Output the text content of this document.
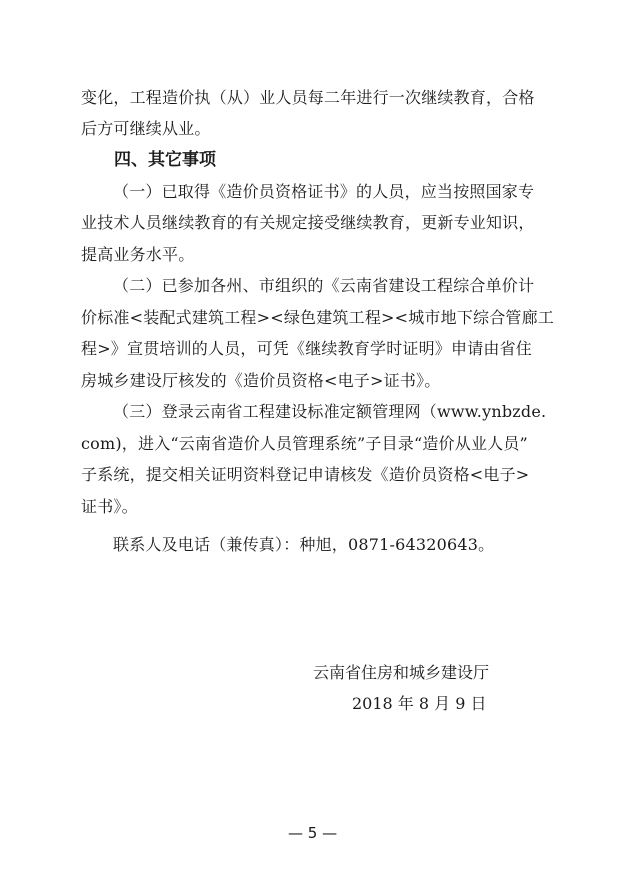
变化，工程造价执（从）业人员每二年进行一次继续教育，合格
后方可继续从业。
四、其它事项
（一）已取得《造价员资格证书》的人员，应当按照国家专
业技术人员继续教育的有关规定接受继续教育，更新专业知识，
提高业务水平。
（二）已参加各州、市组织的《云南省建设工程综合单价计
价标准<装配式建筑工程><绿色建筑工程><城市地下综合管廊工
程>》宣贯培训的人员，可凭《继续教育学时证明》申请由省住
房城乡建设厅核发的《造价员资格<电子>证书》。
（三）登录云南省工程建设标准定额管理网（www.ynbzde.
com)，进入“云南省造价人员管理系统”子目录“造价从业人员”
子系统，提交相关证明资料登记申请核发《造价员资格<电子>
证书》。
联系人及电话（兼传真）：种旭，0871-64320643。
云南省住房和城乡建设厅
2018 年 8 月 9 日
— 5 —
